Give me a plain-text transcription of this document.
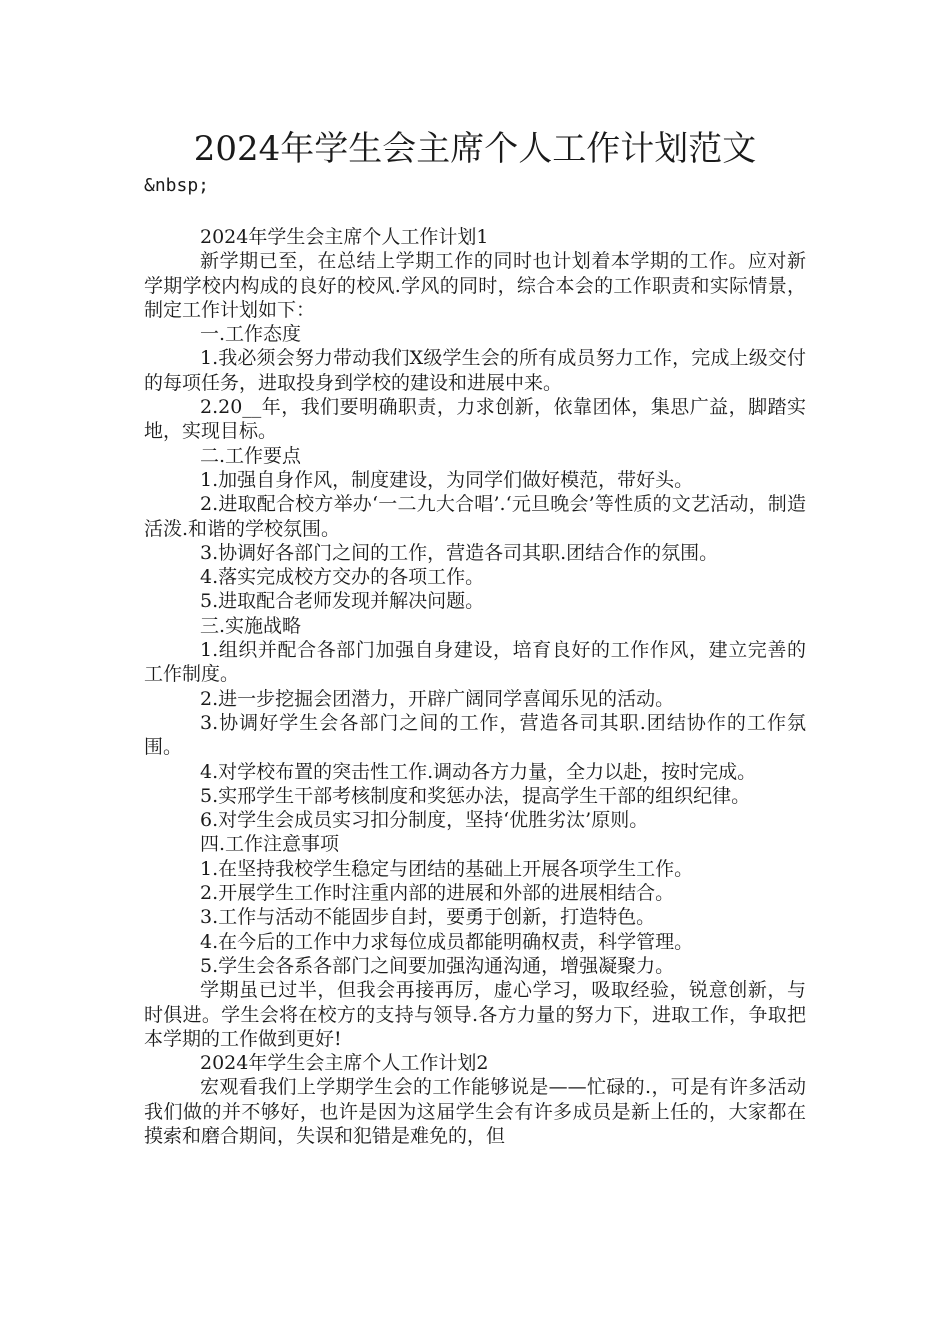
2024年学生会主席个人工作计划范文
&nbsp;

2024年学生会主席个人工作计划1

新学期已至，在总结上学期工作的同时也计划着本学期的工作。应对新学期学校内构成的良好的校风.学风的同时，综合本会的工作职责和实际情景，制定工作计划如下：

一.工作态度

1.我必须会努力带动我们X级学生会的所有成员努力工作，完成上级交付的每项任务，进取投身到学校的建设和进展中来。

2.20__年，我们要明确职责，力求创新，依靠团体，集思广益，脚踏实地，实现目标。

二.工作要点

1.加强自身作风，制度建设，为同学们做好模范，带好头。

2.进取配合校方举办‘一二九大合唱’.‘元旦晚会’等性质的文艺活动，制造活泼.和谐的学校氛围。

3.协调好各部门之间的工作，营造各司其职.团结合作的氛围。

4.落实完成校方交办的各项工作。

5.进取配合老师发现并解决问题。

三.实施战略

1.组织并配合各部门加强自身建设，培育良好的工作作风，建立完善的工作制度。

2.进一步挖掘会团潜力，开辟广阔同学喜闻乐见的活动。

3.协调好学生会各部门之间的工作，营造各司其职.团结协作的工作氛围。

4.对学校布置的突击性工作.调动各方力量，全力以赴，按时完成。

5.实邢学生干部考核制度和奖惩办法，提高学生干部的组织纪律。

6.对学生会成员实习扣分制度，坚持‘优胜劣汰’原则。

四.工作注意事项

1.在坚持我校学生稳定与团结的基础上开展各项学生工作。

2.开展学生工作时注重内部的进展和外部的进展相结合。

3.工作与活动不能固步自封，要勇于创新，打造特色。

4.在今后的工作中力求每位成员都能明确权责，科学管理。

5.学生会各系各部门之间要加强沟通沟通，增强凝聚力。

学期虽已过半，但我会再接再厉，虚心学习，吸取经验，锐意创新，与时俱进。学生会将在校方的支持与领导.各方力量的努力下，进取工作，争取把本学期的工作做到更好!

2024年学生会主席个人工作计划2

宏观看我们上学期学生会的工作能够说是——忙碌的.，可是有许多活动我们做的并不够好，也许是因为这届学生会有许多成员是新上任的，大家都在摸索和磨合期间，失误和犯错是难免的，但
